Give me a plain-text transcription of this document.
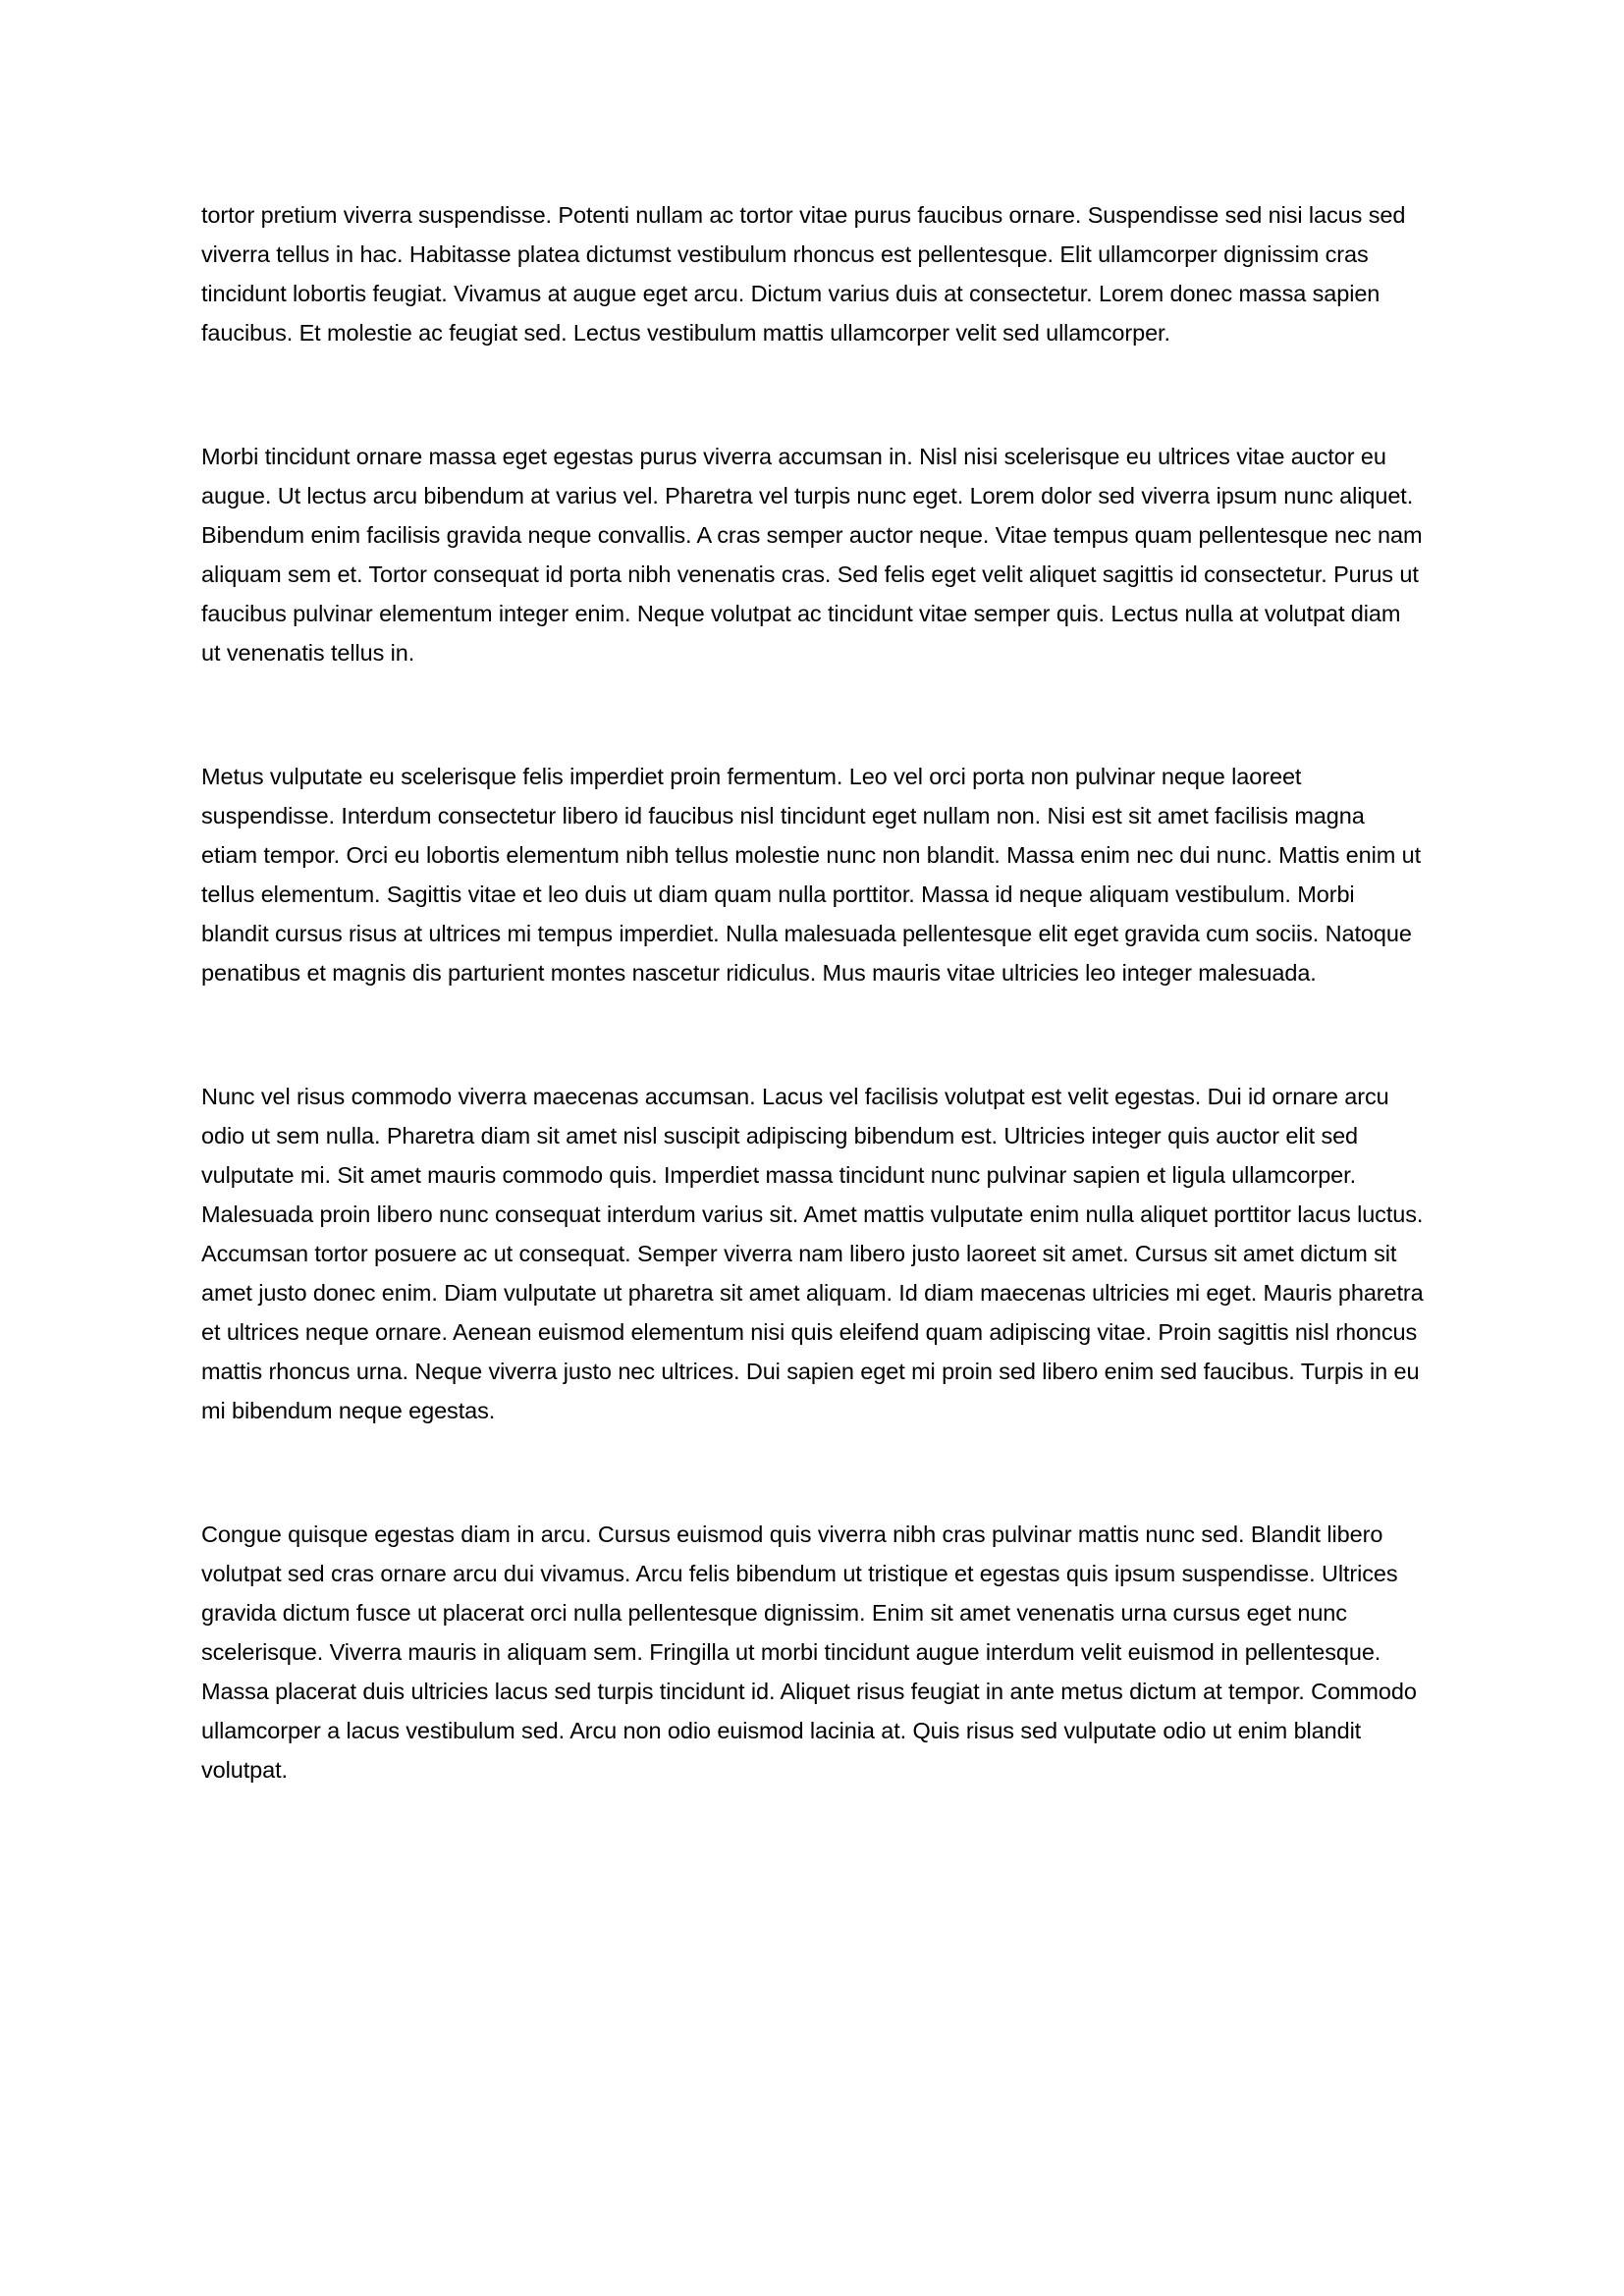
tortor pretium viverra suspendisse. Potenti nullam ac tortor vitae purus faucibus ornare. Suspendisse sed nisi lacus sed viverra tellus in hac. Habitasse platea dictumst vestibulum rhoncus est pellentesque. Elit ullamcorper dignissim cras tincidunt lobortis feugiat. Vivamus at augue eget arcu. Dictum varius duis at consectetur. Lorem donec massa sapien faucibus. Et molestie ac feugiat sed. Lectus vestibulum mattis ullamcorper velit sed ullamcorper.

Morbi tincidunt ornare massa eget egestas purus viverra accumsan in. Nisl nisi scelerisque eu ultrices vitae auctor eu augue. Ut lectus arcu bibendum at varius vel. Pharetra vel turpis nunc eget. Lorem dolor sed viverra ipsum nunc aliquet. Bibendum enim facilisis gravida neque convallis. A cras semper auctor neque. Vitae tempus quam pellentesque nec nam aliquam sem et. Tortor consequat id porta nibh venenatis cras. Sed felis eget velit aliquet sagittis id consectetur. Purus ut faucibus pulvinar elementum integer enim. Neque volutpat ac tincidunt vitae semper quis. Lectus nulla at volutpat diam ut venenatis tellus in.

Metus vulputate eu scelerisque felis imperdiet proin fermentum. Leo vel orci porta non pulvinar neque laoreet suspendisse. Interdum consectetur libero id faucibus nisl tincidunt eget nullam non. Nisi est sit amet facilisis magna etiam tempor. Orci eu lobortis elementum nibh tellus molestie nunc non blandit. Massa enim nec dui nunc. Mattis enim ut tellus elementum. Sagittis vitae et leo duis ut diam quam nulla porttitor. Massa id neque aliquam vestibulum. Morbi blandit cursus risus at ultrices mi tempus imperdiet. Nulla malesuada pellentesque elit eget gravida cum sociis. Natoque penatibus et magnis dis parturient montes nascetur ridiculus. Mus mauris vitae ultricies leo integer malesuada.

Nunc vel risus commodo viverra maecenas accumsan. Lacus vel facilisis volutpat est velit egestas. Dui id ornare arcu odio ut sem nulla. Pharetra diam sit amet nisl suscipit adipiscing bibendum est. Ultricies integer quis auctor elit sed vulputate mi. Sit amet mauris commodo quis. Imperdiet massa tincidunt nunc pulvinar sapien et ligula ullamcorper. Malesuada proin libero nunc consequat interdum varius sit. Amet mattis vulputate enim nulla aliquet porttitor lacus luctus. Accumsan tortor posuere ac ut consequat. Semper viverra nam libero justo laoreet sit amet. Cursus sit amet dictum sit amet justo donec enim. Diam vulputate ut pharetra sit amet aliquam. Id diam maecenas ultricies mi eget. Mauris pharetra et ultrices neque ornare. Aenean euismod elementum nisi quis eleifend quam adipiscing vitae. Proin sagittis nisl rhoncus mattis rhoncus urna. Neque viverra justo nec ultrices. Dui sapien eget mi proin sed libero enim sed faucibus. Turpis in eu mi bibendum neque egestas.

Congue quisque egestas diam in arcu. Cursus euismod quis viverra nibh cras pulvinar mattis nunc sed. Blandit libero volutpat sed cras ornare arcu dui vivamus. Arcu felis bibendum ut tristique et egestas quis ipsum suspendisse. Ultrices gravida dictum fusce ut placerat orci nulla pellentesque dignissim. Enim sit amet venenatis urna cursus eget nunc scelerisque. Viverra mauris in aliquam sem. Fringilla ut morbi tincidunt augue interdum velit euismod in pellentesque. Massa placerat duis ultricies lacus sed turpis tincidunt id. Aliquet risus feugiat in ante metus dictum at tempor. Commodo ullamcorper a lacus vestibulum sed. Arcu non odio euismod lacinia at. Quis risus sed vulputate odio ut enim blandit volutpat.
